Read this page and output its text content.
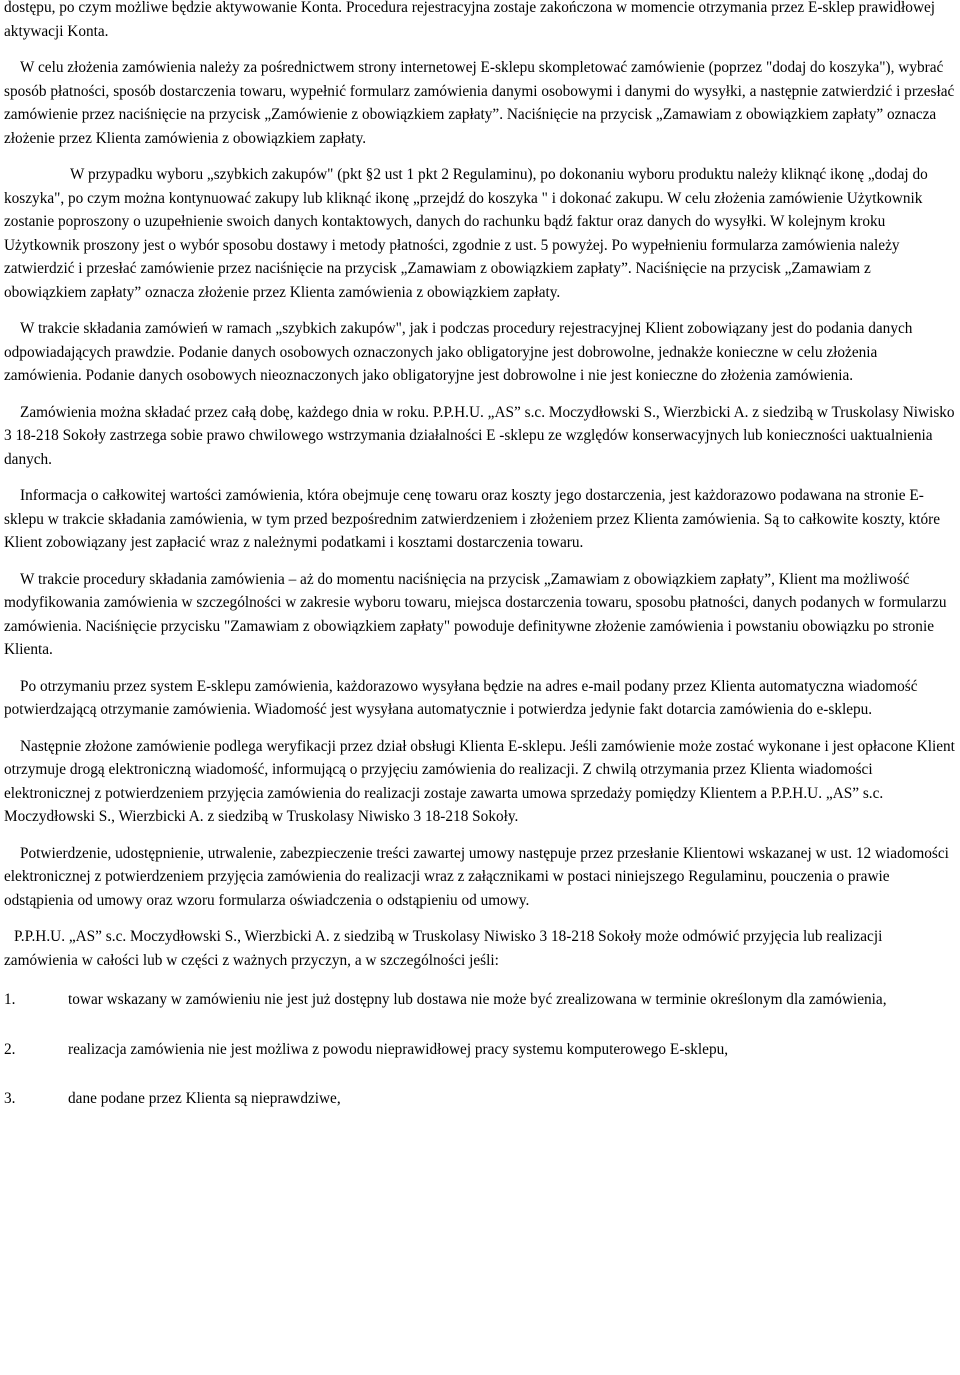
dostępu, po czym możliwe będzie aktywowanie Konta. Procedura rejestracyjna zostaje zakończona w momencie otrzymania przez E-sklep prawidłowej aktywacji Konta.

W celu złożenia zamówienia należy za pośrednictwem strony internetowej E-sklepu skompletować zamówienie (poprzez "dodaj do koszyka"), wybrać sposób płatności, sposób dostarczenia towaru, wypełnić formularz zamówienia danymi osobowymi i danymi do wysyłki, a następnie zatwierdzić i przesłać zamówienie przez naciśnięcie na przycisk „Zamówienie z obowiązkiem zapłaty”. Naciśnięcie na przycisk „Zamawiam z obowiązkiem zapłaty” oznacza złożenie przez Klienta zamówienia z obowiązkiem zapłaty.

W przypadku wyboru „szybkich zakupów" (pkt §2 ust 1 pkt 2 Regulaminu), po dokonaniu wyboru produktu należy kliknąć ikonę „dodaj do koszyka", po czym można kontynuować zakupy lub kliknąć ikonę „przejdź do koszyka " i dokonać zakupu. W celu złożenia zamówienie Użytkownik zostanie poproszony o uzupełnienie swoich danych kontaktowych, danych do rachunku bądź faktur oraz danych do wysyłki. W kolejnym kroku Użytkownik proszony jest o wybór sposobu dostawy i metody płatności, zgodnie z ust. 5 powyżej. Po wypełnieniu formularza zamówienia należy zatwierdzić i przesłać zamówienie przez naciśnięcie na przycisk „Zamawiam z obowiązkiem zapłaty”. Naciśnięcie na przycisk „Zamawiam z obowiązkiem zapłaty” oznacza złożenie przez Klienta zamówienia z obowiązkiem zapłaty.

W trakcie składania zamówień w ramach „szybkich zakupów", jak i podczas procedury rejestracyjnej Klient zobowiązany jest do podania danych odpowiadających prawdzie. Podanie danych osobowych oznaczonych jako obligatoryjne jest dobrowolne, jednakże konieczne w celu złożenia zamówienia. Podanie danych osobowych nieoznaczonych jako obligatoryjne jest dobrowolne i nie jest konieczne do złożenia zamówienia.

Zamówienia można składać przez całą dobę, każdego dnia w roku. P.P.H.U. „AS” s.c. Moczydłowski S., Wierzbicki A. z siedzibą w Truskolasy Niwisko 3 18-218 Sokoły zastrzega sobie prawo chwilowego wstrzymania działalności E -sklepu ze względów konserwacyjnych lub konieczności uaktualnienia danych.

Informacja o całkowitej wartości zamówienia, która obejmuje cenę towaru oraz koszty jego dostarczenia, jest każdorazowo podawana na stronie E-sklepu w trakcie składania zamówienia, w tym przed bezpośrednim zatwierdzeniem i złożeniem przez Klienta zamówienia. Są to całkowite koszty, które Klient zobowiązany jest zapłacić wraz z należnymi podatkami i kosztami dostarczenia towaru.

W trakcie procedury składania zamówienia – aż do momentu naciśnięcia na przycisk „Zamawiam z obowiązkiem zapłaty”, Klient ma możliwość modyfikowania zamówienia w szczególności w zakresie wyboru towaru, miejsca dostarczenia towaru, sposobu płatności, danych podanych w formularzu zamówienia. Naciśnięcie przycisku "Zamawiam z obowiązkiem zapłaty" powoduje definitywne złożenie zamówienia i powstaniu obowiązku po stronie Klienta.

Po otrzymaniu przez system E-sklepu zamówienia, każdorazowo wysyłana będzie na adres e-mail podany przez Klienta automatyczna wiadomość potwierdzającą otrzymanie zamówienia. Wiadomość jest wysyłana automatycznie i potwierdza jedynie fakt dotarcia zamówienia do e-sklepu.

Następnie złożone zamówienie podlega weryfikacji przez dział obsługi Klienta E-sklepu. Jeśli zamówienie może zostać wykonane i jest opłacone Klient otrzymuje drogą elektroniczną wiadomość, informującą o przyjęciu zamówienia do realizacji. Z chwilą otrzymania przez Klienta wiadomości elektronicznej z potwierdzeniem przyjęcia zamówienia do realizacji zostaje zawarta umowa sprzedaży pomiędzy Klientem a P.P.H.U. „AS” s.c. Moczydłowski S., Wierzbicki A. z siedzibą w Truskolasy Niwisko 3 18-218 Sokoły.

Potwierdzenie, udostępnienie, utrwalenie, zabezpieczenie treści zawartej umowy następuje przez przesłanie Klientowi wskazanej w ust. 12 wiadomości elektronicznej z potwierdzeniem przyjęcia zamówienia do realizacji wraz z załącznikami w postaci niniejszego Regulaminu, pouczenia o prawie odstąpienia od umowy oraz wzoru formularza oświadczenia o odstąpieniu od umowy.

P.P.H.U. „AS” s.c. Moczydłowski S., Wierzbicki A. z siedzibą w Truskolasy Niwisko 3 18-218 Sokoły może odmówić przyjęcia lub realizacji zamówienia w całości lub w części z ważnych przyczyn, a w szczególności jeśli:

1.	towar wskazany w zamówieniu nie jest już dostępny lub dostawa nie może być zrealizowana w terminie określonym dla zamówienia,
2.	realizacja zamówienia nie jest możliwa z powodu nieprawidłowej pracy systemu komputerowego E-sklepu,
3.	dane podane przez Klienta są nieprawdziwe,
